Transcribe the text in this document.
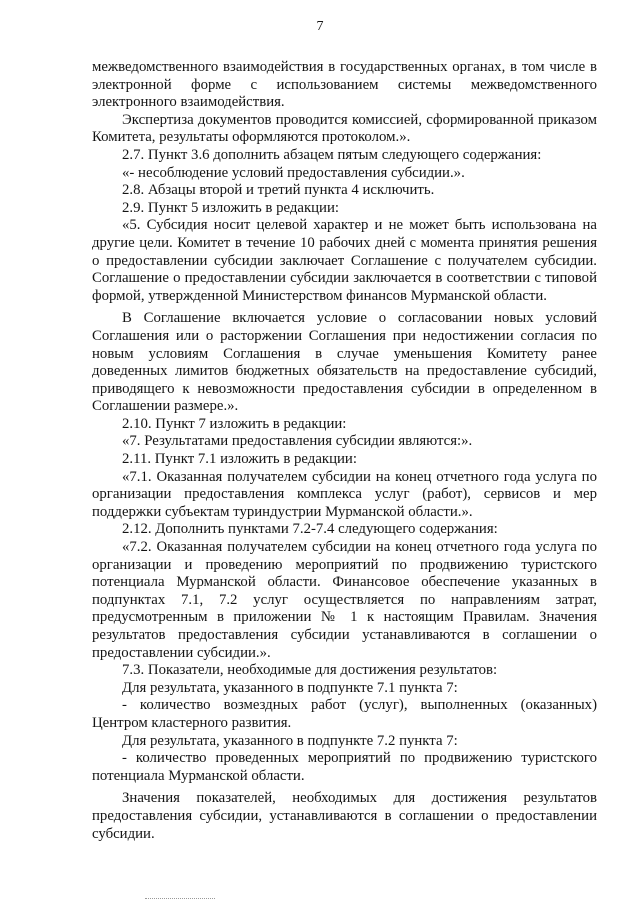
7

межведомственного взаимодействия в государственных органах, в том числе в электронной форме с использованием системы межведомственного электронного взаимодействия.

Экспертиза документов проводится комиссией, сформированной приказом Комитета, результаты оформляются протоколом.».

2.7. Пункт 3.6 дополнить абзацем пятым следующего содержания:

«- несоблюдение условий предоставления субсидии.».

2.8. Абзацы второй и третий пункта 4 исключить.

2.9. Пункт 5 изложить в редакции:

«5. Субсидия носит целевой характер и не может быть использована на другие цели. Комитет в течение 10 рабочих дней с момента принятия решения о предоставлении субсидии заключает Соглашение с получателем субсидии. Соглашение о предоставлении субсидии заключается в соответствии с типовой формой, утвержденной Министерством финансов Мурманской области.

В Соглашение включается условие о согласовании новых условий Соглашения или о расторжении Соглашения при недостижении согласия по новым условиям Соглашения в случае уменьшения Комитету ранее доведенных лимитов бюджетных обязательств на предоставление субсидий, приводящего к невозможности предоставления субсидии в определенном в Соглашении размере.».

2.10. Пункт 7 изложить в редакции:

«7. Результатами предоставления субсидии являются:».

2.11. Пункт 7.1 изложить в редакции:

«7.1. Оказанная получателем субсидии на конец отчетного года услуга по организации предоставления комплекса услуг (работ), сервисов и мер поддержки субъектам туриндустрии Мурманской области.».

2.12. Дополнить пунктами 7.2-7.4 следующего содержания:

«7.2. Оказанная получателем субсидии на конец отчетного года услуга по организации и проведению мероприятий по продвижению туристского потенциала Мурманской области. Финансовое обеспечение указанных в подпунктах 7.1, 7.2 услуг осуществляется по направлениям затрат, предусмотренным в приложении № 1 к настоящим Правилам. Значения результатов предоставления субсидии устанавливаются в соглашении о предоставлении субсидии.».

7.3. Показатели, необходимые для достижения результатов:

Для результата, указанного в подпункте 7.1 пункта 7:

- количество возмездных работ (услуг), выполненных (оказанных) Центром кластерного развития.

Для результата, указанного в подпункте 7.2 пункта 7:

- количество проведенных мероприятий по продвижению туристского потенциала Мурманской области.

Значения показателей, необходимых для достижения результатов предоставления субсидии, устанавливаются в соглашении о предоставлении субсидии.
